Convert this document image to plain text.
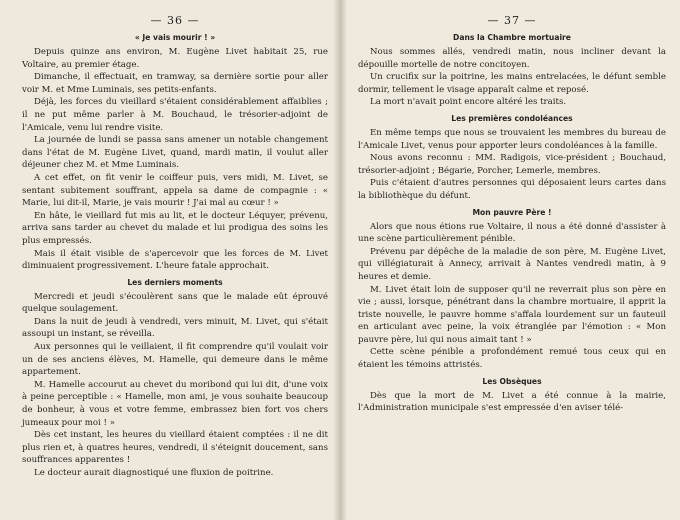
— 36 —
« Je vais mourir ! »

Depuis quinze ans environ, M. Eugène Livet habitait 25, rue Voltaire, au premier étage.

Dimanche, il effectuait, en tramway, sa dernière sortie pour aller voir M. et Mme Luminais, ses petits-enfants.

Déjà, les forces du vieillard s'étaient considérablement affaiblies ; il ne put même parler à M. Bouchaud, le trésorier-adjoint de l'Amicale, venu lui rendre visite.

La journée de lundi se passa sans amener un notable changement dans l'état de M. Eugène Livet, quand, mardi matin, il voulut aller déjeuner chez M. et Mme Luminais.

A cet effet, on fit venir le coiffeur puis, vers midi, M. Livet, se sentant subitement souffrant, appela sa dame de compagnie : « Marie, lui dit-il, Marie, je vais mourir ! J'ai mal au cœur ! »

En hâte, le vieillard fut mis au lit, et le docteur Léquyer, prévenu, arriva sans tarder au chevet du malade et lui prodigua des soins les plus empressés.

Mais il était visible de s'apercevoir que les forces de M. Livet diminuaient progressivement. L'heure fatale approchait.

Les derniers moments

Mercredi et jeudi s'écoulèrent sans que le malade eût éprouvé quelque soulagement.

Dans la nuit de jeudi à vendredi, vers minuit, M. Livet, qui s'était assoupi un instant, se réveilla.

Aux personnes qui le veillaient, il fit comprendre qu'il voulait voir un de ses anciens élèves, M. Hamelle, qui demeure dans le même appartement.

M. Hamelle accourut au chevet du moribond qui lui dit, d'une voix à peine perceptible : « Hamelle, mon ami, je vous souhaite beaucoup de bonheur, à vous et votre femme, embrassez bien fort vos chers jumeaux pour moi ! »

Dès cet instant, les heures du vieillard étaient comptées : il ne dit plus rien et, à quatres heures, vendredi, il s'éteignit doucement, sans souffrances apparentes !

Le docteur aurait diagnostiqué une fluxion de poitrine.

— 37 —
Dans la Chambre mortuaire

Nous sommes allés, vendredi matin, nous incliner devant la dépouille mortelle de notre concitoyen.

Un crucifix sur la poitrine, les mains entrelacées, le défunt semble dormir, tellement le visage apparaît calme et reposé.

La mort n'avait point encore altéré les traits.

Les premières condoléances

En même temps que nous se trouvaient les membres du bureau de l'Amicale Livet, venus pour apporter leurs condoléances à la famille.

Nous avons reconnu : MM. Radigois, vice-président ; Bouchaud, trésorier-adjoint ; Bégarie, Porcher, Lemerle, membres.

Puis c'étaient d'autres personnes qui déposaient leurs cartes dans la bibliothèque du défunt.

Mon pauvre Père !

Alors que nous étions rue Voltaire, il nous a été donné d'assister à une scène particulièrement pénible.

Prévenu par dépêche de la maladie de son père, M. Eugène Livet, qui villégiaturait à Annecy, arrivait à Nantes vendredi matin, à 9 heures et demie.

M. Livet était loin de supposer qu'il ne reverrait plus son père en vie ; aussi, lorsque, pénétrant dans la chambre mortuaire, il apprit la triste nouvelle, le pauvre homme s'affala lourdement sur un fauteuil en articulant avec peine, la voix étranglée par l'émotion : « Mon pauvre père, lui qui nous aimait tant ! »

Cette scène pénible a profondément remué tous ceux qui en étaient les témoins attristés.

Les Obsèques

Dès que la mort de M. Livet a été connue à la mairie, l'Administration municipale s'est empressée d'en aviser télé-
